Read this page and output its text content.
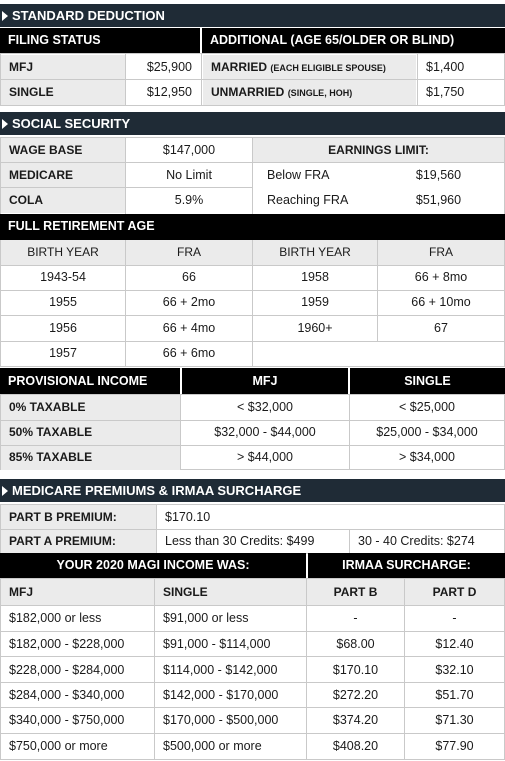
STANDARD DEDUCTION
FILING STATUS	ADDITIONAL (AGE 65/OLDER OR BLIND)
MFJ	$25,900	MARRIED (EACH ELIGIBLE SPOUSE)	$1,400
SINGLE	$12,950	UNMARRIED (SINGLE, HOH)	$1,750
SOCIAL SECURITY
WAGE BASE	$147,000	EARNINGS LIMIT:
MEDICARE	No Limit	Below FRA	$19,560
COLA	5.9%	Reaching FRA	$51,960
FULL RETIREMENT AGE
BIRTH YEAR	FRA	BIRTH YEAR	FRA
1943-54	66	1958	66 + 8mo
1955	66 + 2mo	1959	66 + 10mo
1956	66 + 4mo	1960+	67
1957	66 + 6mo
PROVISIONAL INCOME	MFJ	SINGLE
0% TAXABLE	< $32,000	< $25,000
50% TAXABLE	$32,000 - $44,000	$25,000 - $34,000
85% TAXABLE	> $44,000	> $34,000
MEDICARE PREMIUMS & IRMAA SURCHARGE
PART B PREMIUM:	$170.10
PART A PREMIUM:	Less than 30 Credits: $499	30 - 40 Credits: $274
YOUR 2020 MAGI INCOME WAS:	IRMAA SURCHARGE:
MFJ	SINGLE	PART B	PART D
$182,000 or less	$91,000 or less	-	-
$182,000 - $228,000	$91,000 - $114,000	$68.00	$12.40
$228,000 - $284,000	$114,000 - $142,000	$170.10	$32.10
$284,000 - $340,000	$142,000 - $170,000	$272.20	$51.70
$340,000 - $750,000	$170,000 - $500,000	$374.20	$71.30
$750,000 or more	$500,000 or more	$408.20	$77.90
